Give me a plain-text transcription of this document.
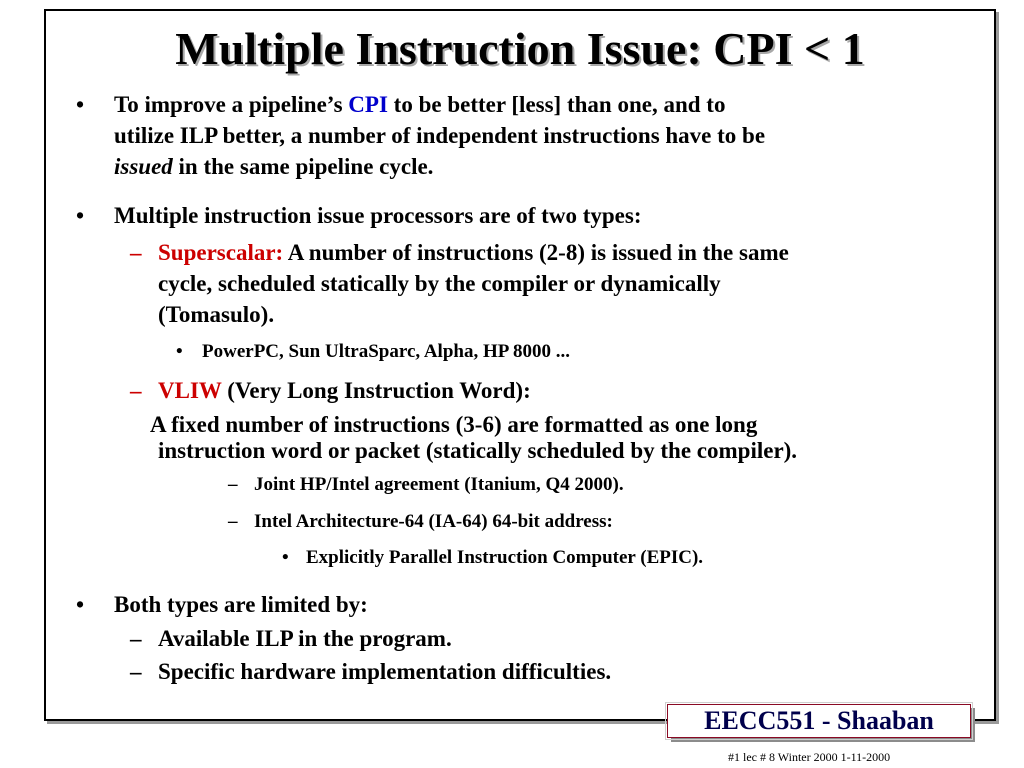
Multiple Instruction Issue: CPI < 1
• To improve a pipeline’s CPI to be better [less] than one, and to
utilize ILP better, a number of independent instructions have to be
issued in the same pipeline cycle.
• Multiple instruction issue processors are of two types:
– Superscalar: A number of instructions (2-8) is issued in the same
cycle, scheduled statically by the compiler or dynamically
(Tomasulo).
• PowerPC, Sun UltraSparc, Alpha, HP 8000 ...
– VLIW (Very Long Instruction Word):
A fixed number of instructions (3-6) are formatted as one long
instruction word or packet (statically scheduled by the compiler).
– Joint HP/Intel agreement (Itanium, Q4 2000).
– Intel Architecture-64 (IA-64) 64-bit address:
• Explicitly Parallel Instruction Computer (EPIC).
• Both types are limited by:
– Available ILP in the program.
– Specific hardware implementation difficulties.
EECC551 - Shaaban
#1 lec # 8 Winter 2000 1-11-2000
